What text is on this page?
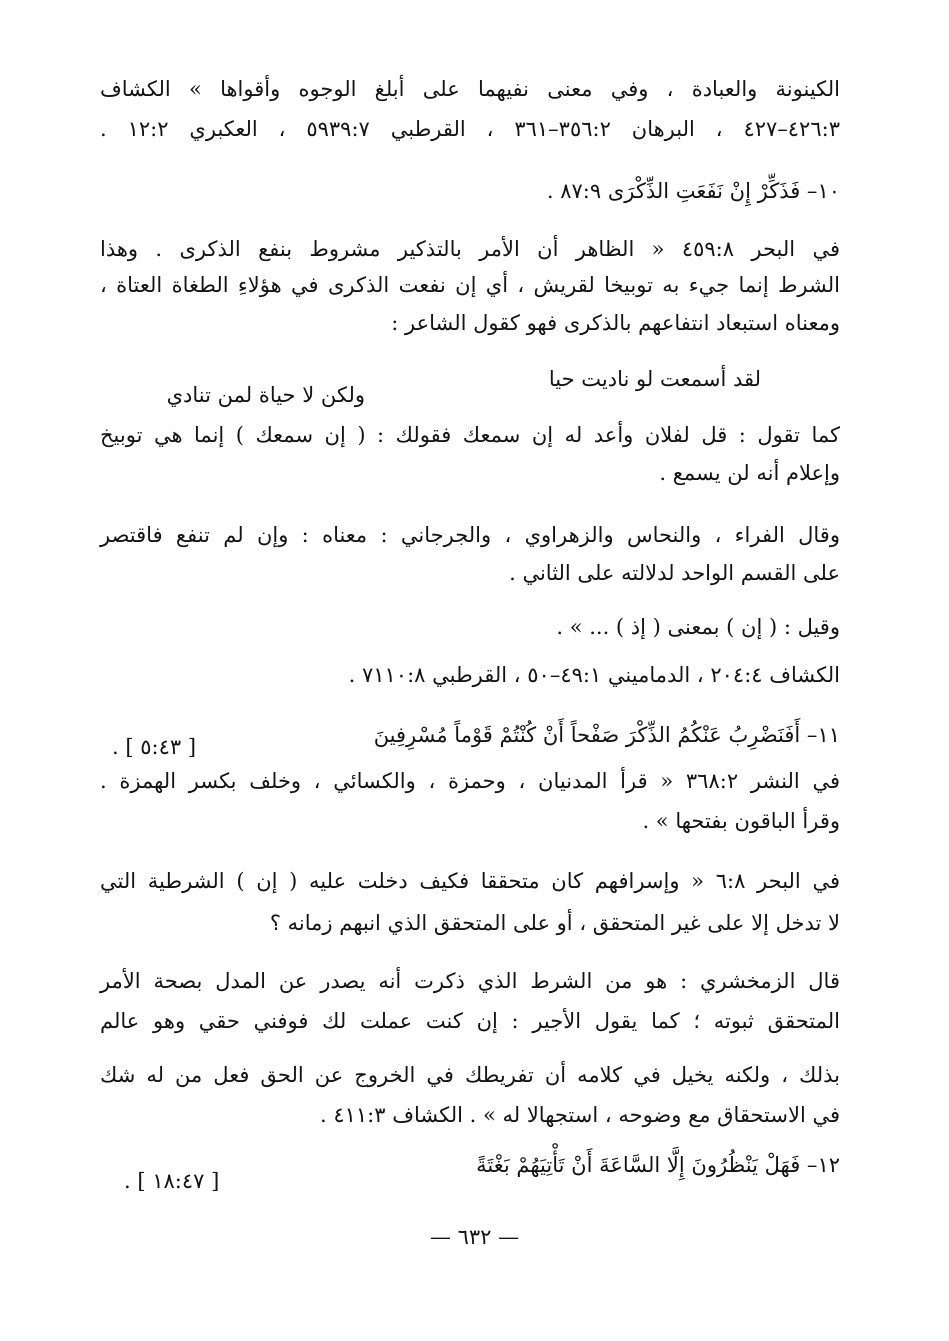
الكينونة والعبادة ، وفي معنى نفيهما على أبلغ الوجوه وأقواها » الكشاف
٤٢٦:٣–٤٢٧ ، البرهان ٣٥٦:٢–٣٦١ ، القرطبي ٥٩٣٩:٧ ، العكبري ١٢:٢ .
١٠– فَذَكِّرْ إِنْ نَفَعَتِ الذِّكْرَى ٨٧:٩ .
في البحر ٤٥٩:٨ « الظاهر أن الأمر بالتذكير مشروط بنفع الذكرى . وهذا
الشرط إنما جيء به توبيخا لقريش ، أي إن نفعت الذكرى في هؤلاءِ الطغاة العتاة ،
ومعناه استبعاد انتفاعهم بالذكرى فهو كقول الشاعر :
لقد أسمعت لو ناديت حيا
ولكن لا حياة لمن تنادي
كما تقول : قل لفلان وأعد له إن سمعك فقولك : ( إن سمعك ) إنما هي توبيخ
وإعلام أنه لن يسمع .
وقال الفراء ، والنحاس والزهراوي ، والجرجاني : معناه : وإن لم تنفع فاقتصر
على القسم الواحد لدلالته على الثاني .
وقيل : ( إن ) بمعنى ( إذ ) ... » .
الكشاف ٢٠٤:٤ ، الدماميني ٤٩:١–٥٠ ، القرطبي ٧١١٠:٨ .
١١– أَفَنَضْرِبُ عَنْكُمُ الذِّكْرَ صَفْحاً أَنْ كُنْتُمْ قَوْماً مُسْرِفِينَ
[ ٥:٤٣ ] .
في النشر ٣٦٨:٢ « قرأ المدنيان ، وحمزة ، والكسائي ، وخلف بكسر الهمزة .
وقرأ الباقون بفتحها » .
في البحر ٦:٨ « وإسرافهم كان متحققا فكيف دخلت عليه ( إن ) الشرطية التي
لا تدخل إلا على غير المتحقق ، أو على المتحقق الذي انبهم زمانه ؟
قال الزمخشري : هو من الشرط الذي ذكرت أنه يصدر عن المدل بصحة الأمر
المتحقق ثبوته ؛ كما يقول الأجير : إن كنت عملت لك فوفني حقي وهو عالم
بذلك ، ولكنه يخيل في كلامه أن تفريطك في الخروج عن الحق فعل من له شك
في الاستحقاق مع وضوحه ، استجهالا له » . الكشاف ٤١١:٣ .
١٢– فَهَلْ يَنْظُرُونَ إِلَّا السَّاعَةَ أَنْ تَأْتِيَهُمْ بَغْتَةً
[ ١٨:٤٧ ] .
— ٦٣٢ —
